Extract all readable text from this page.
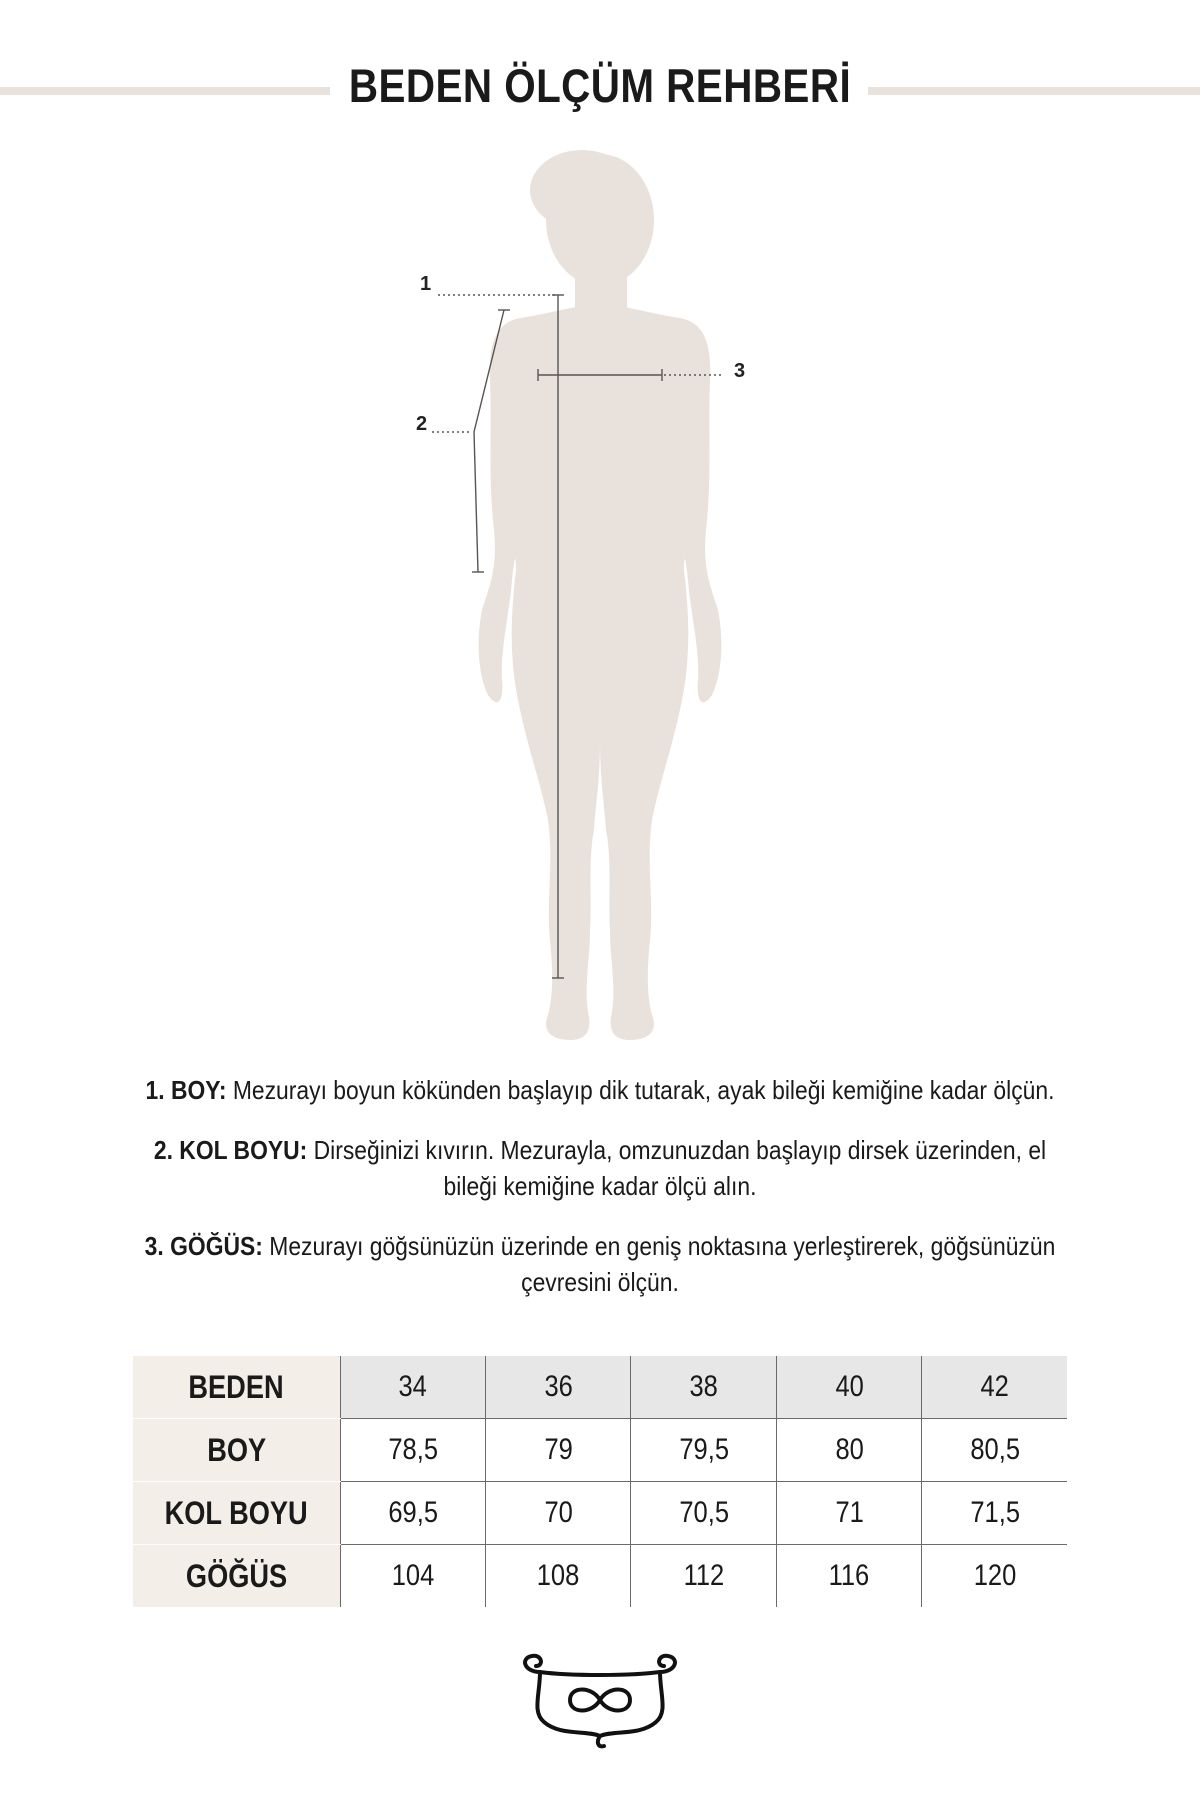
BEDEN ÖLÇÜM REHBERİ
1
2
3

1. BOY: Mezurayı boyun kökünden başlayıp dik tutarak, ayak bileği kemiğine kadar ölçün.

2. KOL BOYU: Dirseğinizi kıvırın. Mezurayla, omzunuzdan başlayıp dirsek üzerinden, el bileği kemiğine kadar ölçü alın.

3. GÖĞÜS: Mezurayı göğsünüzün üzerinde en geniş noktasına yerleştirerek, göğsünüzün çevresini ölçün.

BEDEN	34	36	38	40	42
BOY	78,5	79	79,5	80	80,5
KOL BOYU	69,5	70	70,5	71	71,5
GÖĞÜS	104	108	112	116	120
